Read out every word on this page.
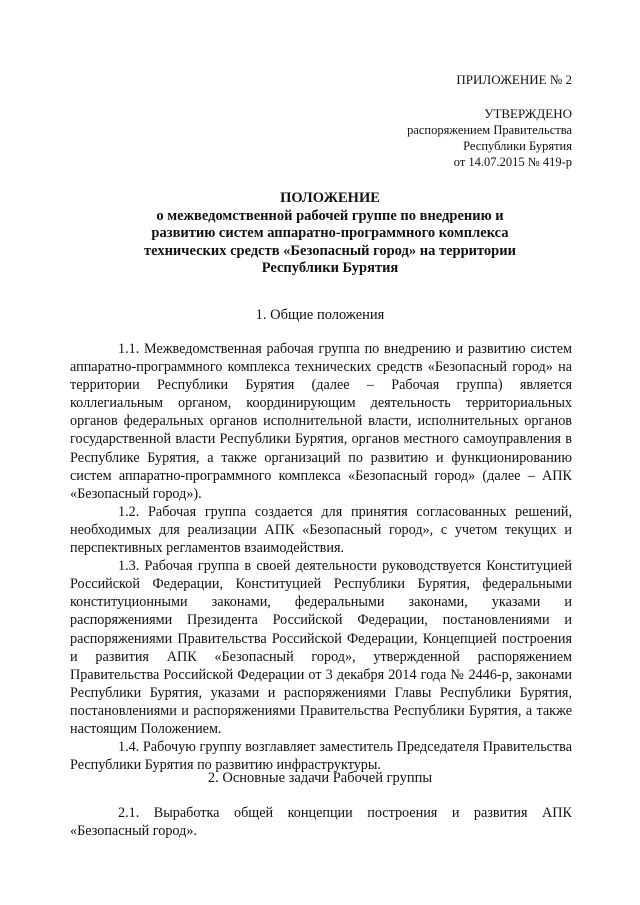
ПРИЛОЖЕНИЕ № 2
УТВЕРЖДЕНО
распоряжением Правительства
Республики Бурятия
от 14.07.2015 № 419-р
ПОЛОЖЕНИЕ
о межведомственной рабочей группе по внедрению и
развитию систем аппаратно-программного комплекса
технических средств «Безопасный город» на территории
Республики Бурятия
1. Общие положения

1.1. Межведомственная рабочая группа по внедрению и развитию систем аппаратно-программного комплекса технических средств «Безопасный город» на территории Республики Бурятия (далее – Рабочая группа) является коллегиальным органом, координирующим деятельность территориальных органов федеральных органов исполнительной власти, исполнительных органов государственной власти Республики Бурятия, органов местного самоуправления в Республике Бурятия, а также организаций по развитию и функционированию систем аппаратно-программного комплекса «Безопасный город» (далее – АПК «Безопасный город»).

1.2. Рабочая группа создается для принятия согласованных решений, необходимых для реализации АПК «Безопасный город», с учетом текущих и перспективных регламентов взаимодействия.

1.3. Рабочая группа в своей деятельности руководствуется Конституцией Российской Федерации, Конституцией Республики Бурятия, федеральными конституционными законами, федеральными законами, указами и распоряжениями Президента Российской Федерации, постановлениями и распоряжениями Правительства Российской Федерации, Концепцией построения и развития АПК «Безопасный город», утвержденной распоряжением Правительства Российской Федерации от 3 декабря 2014 года № 2446-р, законами Республики Бурятия, указами и распоряжениями Главы Республики Бурятия, постановлениями и распоряжениями Правительства Республики Бурятия, а также настоящим Положением.

1.4. Рабочую группу возглавляет заместитель Председателя Правительства Республики Бурятия по развитию инфраструктуры.

2. Основные задачи Рабочей группы

2.1. Выработка общей концепции построения и развития АПК «Безопасный город».
